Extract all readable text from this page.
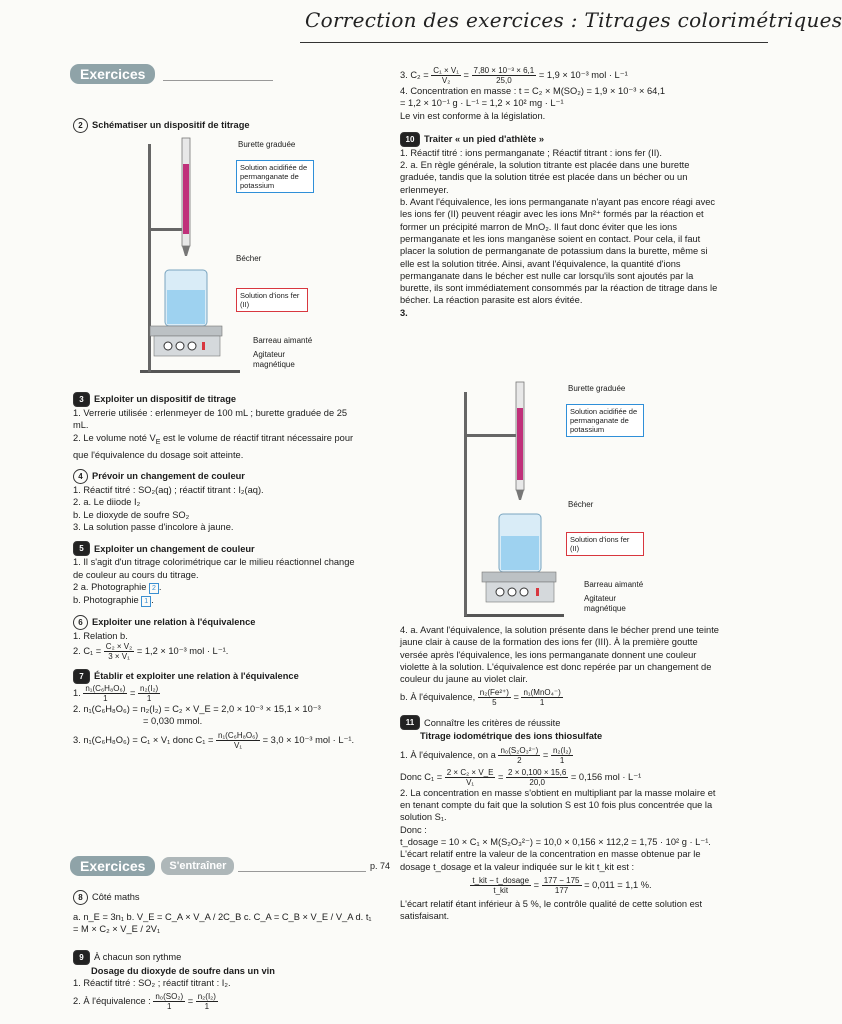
Correction des exercices : Titrages colorimétriques
Exercices
2 Schématiser un dispositif de titrage
Burette graduée
Solution acidifiée de permanganate de potassium
Bécher
Solution d'ions fer (II)
Barreau aimanté
Agitateur magnétique
3	Exploiter un dispositif de titrage

1. Verrerie utilisée : erlenmeyer de 100 mL ; burette graduée de 25 mL.

2. Le volume noté $V_E$ est le volume de réactif titrant nécessaire pour que l'équivalence du dosage soit atteinte.

4 Prévoir un changement de couleur

1. Réactif titré : SO₂(aq) ; réactif titrant : I₂(aq).

2. a. Le diiode I₂

b. Le dioxyde de soufre SO₂

3. La solution passe d'incolore à jaune.

5	Exploiter un changement de couleur

1. Il s'agit d'un titrage colorimétrique car le milieu réactionnel change de couleur au cours du titrage.

2 a. Photographie 2 .

b. Photographie 1 .

6 Exploiter une relation à l'équivalence

1. Relation b.

2. $C_1 = \frac{\text{C₂ × V₂}}{\text{3 × V₁}} = 1,2 \times 10^{-3}$ mol · L⁻¹.

7	Établir et exploiter une relation à l'équivalence

1. $\frac{\text{n₁(C₆H₈O₆)}}{1} = \frac{\text{n₂(I₂)}}{1}$

2. n₁(C₆H₈O₆) = n₂(I₂) = C₂ × V_E = 2,0 × 10⁻³ × 15,1 × 10⁻³

= 0,030 mmol.

3. n₁(C₆H₈O₆) = C₁ × V₁ donc $C_1 = \frac{\text{n₁(C₆H₈O₆)}}{\text{V₁}} = 3,0 \times 10^{-3}$ mol · L⁻¹.

Exercices	S'entraîner	p. 74
8 Côté maths

a. n_E = 3n₁ b. V_E = C_A × V_A / 2C_B c. C_A = C_B × V_E / V_A d. t₁ = M × C₂ × V_E / 2V₁

9	À chacun son rythme

Dosage du dioxyde de soufre dans un vin

1. Réactif titré : SO₂ ; réactif titrant : I₂.

2. À l'équivalence : $\frac{\text{n₀(SO₂)}}{1} = \frac{\text{n₂(I₂)}}{1}$

3. $C_2 = \frac{\text{C₁ × V₁}}{\text{V₂}} = \frac{\text{7,80 × 10⁻³ × 6,1}}{25,0} = 1,9 \times 10^{-3}$ mol · L⁻¹

4. Concentration en masse : t = C₂ × M(SO₂) = 1,9 × 10⁻³ × 64,1

= 1,2 × 10⁻¹ g · L⁻¹ = 1,2 × 10² mg · L⁻¹

Le vin est conforme à la législation.

10	Traiter « un pied d'athlète »

1. Réactif titré : ions permanganate ; Réactif titrant : ions fer (II).

2. a. En règle générale, la solution titrante est placée dans une burette graduée, tandis que la solution titrée est placée dans un bécher ou un erlenmeyer.

b. Avant l'équivalence, les ions permanganate n'ayant pas encore réagi avec les ions fer (II) peuvent réagir avec les ions Mn²⁺ formés par la réaction et former un précipité marron de MnO₂. Il faut donc éviter que les ions permanganate et les ions manganèse soient en contact. Pour cela, il faut placer la solution de permanganate de potassium dans la burette, même si elle est la solution titrée. Ainsi, avant l'équivalence, la quantité d'ions permanganate dans le bécher est nulle car lorsqu'ils sont ajoutés par la burette, ils sont immédiatement consommés par la réaction de titrage dans le bécher. La réaction parasite est alors évitée.

3.

Burette graduée
Solution acidifiée de permanganate de potassium
Bécher
Solution d'ions fer (II)
Barreau aimanté
Agitateur magnétique

4. a. Avant l'équivalence, la solution présente dans le bécher prend une teinte jaune clair à cause de la formation des ions fer (III). À la première goutte versée après l'équivalence, les ions permanganate donnent une couleur violette à la solution. L'équivalence est donc repérée par un changement de couleur du jaune au violet clair.

b. À l'équivalence, $\frac{\text{n₂(Fe²⁺)}}{5} = \frac{\text{n₁(MnO₄⁻)}}{1}$

11	Connaître les critères de réussite

Titrage iodométrique des ions thiosulfate

1. À l'équivalence, on a $\frac{\text{n₀(S₂O₃²⁻)}}{2} = \frac{\text{n₂(I₂)}}{1}$

Donc $C_1 = \frac{\text{2 × C₂ × V\_E}}{\text{V₁}} = \frac{2 \times 0,100 \times 15,6}{20,0} = 0,156$ mol · L⁻¹

2. La concentration en masse s'obtient en multipliant par la masse molaire et en tenant compte du fait que la solution S est 10 fois plus concentrée que la solution S₁.

Donc :

t_dosage = 10 × C₁ × M(S₂O₃²⁻) = 10,0 × 0,156 × 112,2 = 1,75 · 10² g · L⁻¹.

L'écart relatif entre la valeur de la concentration en masse obtenue par le dosage t_dosage et la valeur indiquée sur le kit t_kit est :

$\frac{\text{t\_kit − t\_dosage}}{\text{t\_kit}} = \frac{177 - 175}{177} = 0,011 = 1,1$ %.

L'écart relatif étant inférieur à 5 %, le contrôle qualité de cette solution est satisfaisant.
